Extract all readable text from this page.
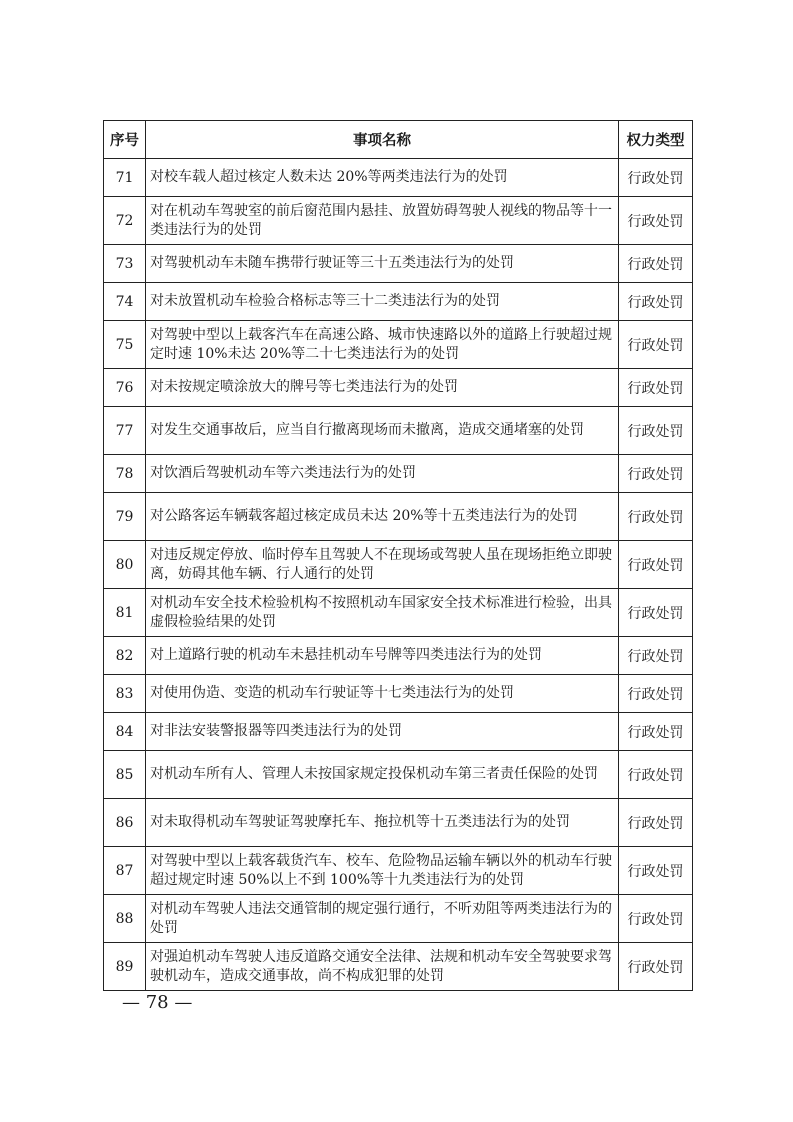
序号	事项名称	权力类型
71	对校车载人超过核定人数未达 20%等两类违法行为的处罚	行政处罚
72	对在机动车驾驶室的前后窗范围内悬挂、放置妨碍驾驶人视线的物品等十一类违法行为的处罚	行政处罚
73	对驾驶机动车未随车携带行驶证等三十五类违法行为的处罚	行政处罚
74	对未放置机动车检验合格标志等三十二类违法行为的处罚	行政处罚
75	对驾驶中型以上载客汽车在高速公路、城市快速路以外的道路上行驶超过规定时速 10%未达 20%等二十七类违法行为的处罚	行政处罚
76	对未按规定喷涂放大的牌号等七类违法行为的处罚	行政处罚
77	对发生交通事故后，应当自行撤离现场而未撤离，造成交通堵塞的处罚	行政处罚
78	对饮酒后驾驶机动车等六类违法行为的处罚	行政处罚
79	对公路客运车辆载客超过核定成员未达 20%等十五类违法行为的处罚	行政处罚
80	对违反规定停放、临时停车且驾驶人不在现场或驾驶人虽在现场拒绝立即驶离，妨碍其他车辆、行人通行的处罚	行政处罚
81	对机动车安全技术检验机构不按照机动车国家安全技术标准进行检验，出具虚假检验结果的处罚	行政处罚
82	对上道路行驶的机动车未悬挂机动车号牌等四类违法行为的处罚	行政处罚
83	对使用伪造、变造的机动车行驶证等十七类违法行为的处罚	行政处罚
84	对非法安装警报器等四类违法行为的处罚	行政处罚
85	对机动车所有人、管理人未按国家规定投保机动车第三者责任保险的处罚	行政处罚
86	对未取得机动车驾驶证驾驶摩托车、拖拉机等十五类违法行为的处罚	行政处罚
87	对驾驶中型以上载客载货汽车、校车、危险物品运输车辆以外的机动车行驶超过规定时速 50%以上不到 100%等十九类违法行为的处罚	行政处罚
88	对机动车驾驶人违法交通管制的规定强行通行，不听劝阻等两类违法行为的处罚	行政处罚
89	对强迫机动车驾驶人违反道路交通安全法律、法规和机动车安全驾驶要求驾驶机动车，造成交通事故，尚不构成犯罪的处罚	行政处罚
— 78 —
